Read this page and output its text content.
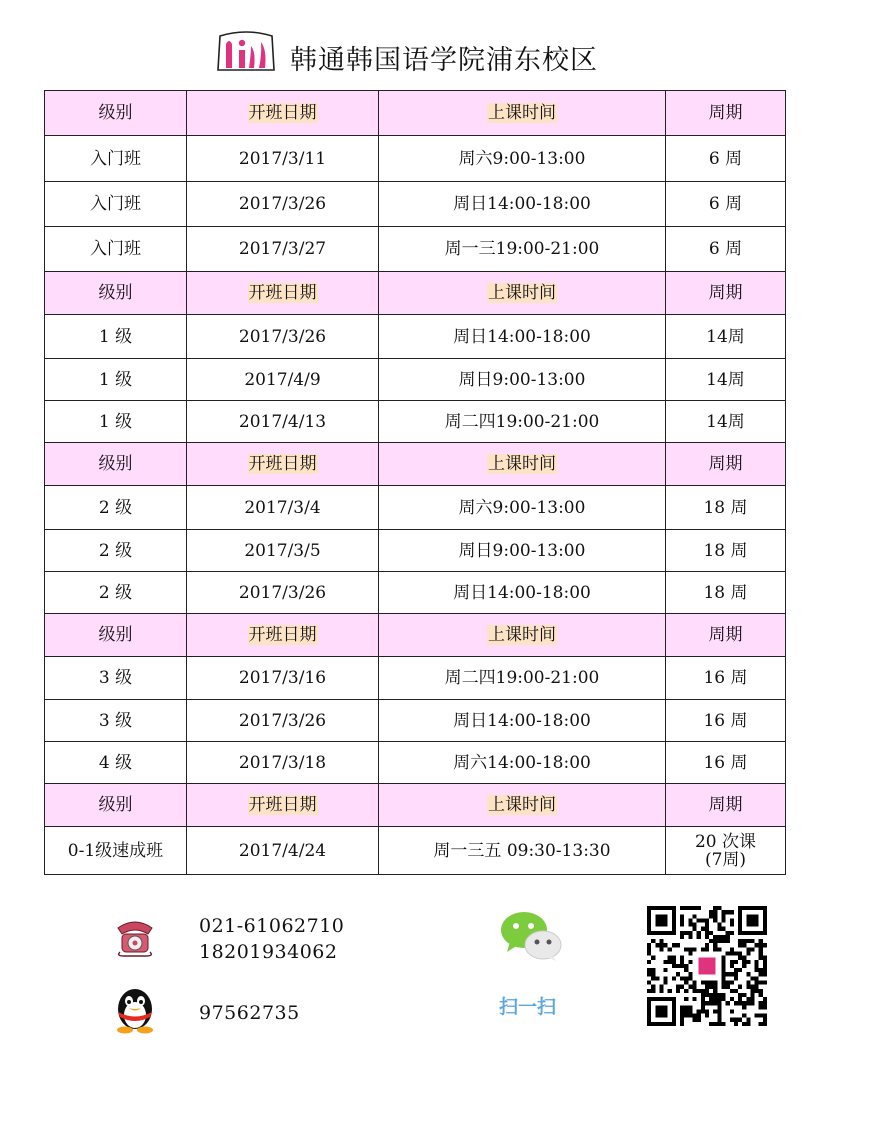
韩通韩国语学院浦东校区
级别	开班日期	上课时间	周期
入门班	2017/3/11	周六9:00-13:00	6 周
入门班	2017/3/26	周日14:00-18:00	6 周
入门班	2017/3/27	周一三19:00-21:00	6 周
级别	开班日期	上课时间	周期
1 级	2017/3/26	周日14:00-18:00	14周
1 级	2017/4/9	周日9:00-13:00	14周
1 级	2017/4/13	周二四19:00-21:00	14周
级别	开班日期	上课时间	周期
2 级	2017/3/4	周六9:00-13:00	18 周
2 级	2017/3/5	周日9:00-13:00	18 周
2 级	2017/3/26	周日14:00-18:00	18 周
级别	开班日期	上课时间	周期
3 级	2017/3/16	周二四19:00-21:00	16 周
3 级	2017/3/26	周日14:00-18:00	16 周
4 级	2017/3/18	周六14:00-18:00	16 周
级别	开班日期	上课时间	周期
0-1级速成班	2017/4/24	周一三五 09:30-13:30	20 次课
(7周)
021-61062710
18201934062
97562735	扫一扫
